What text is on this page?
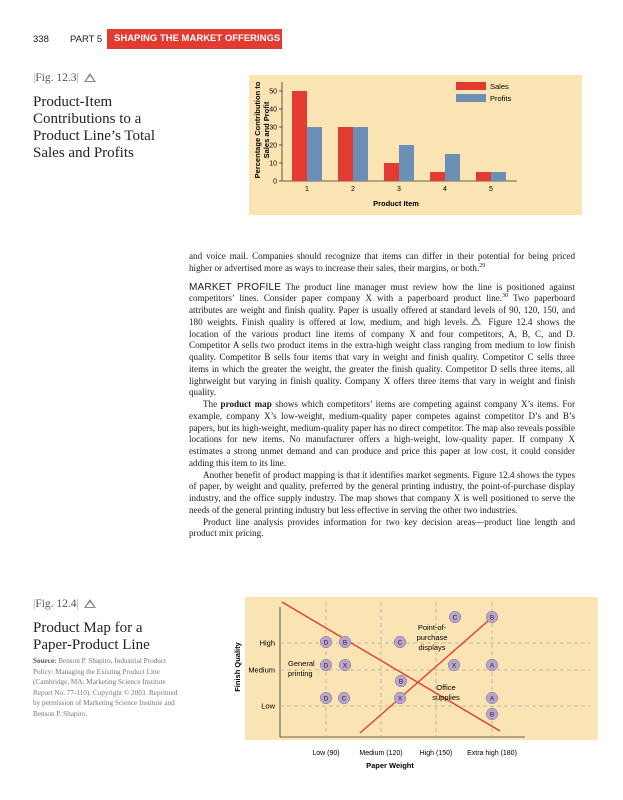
338 PART 5	SHAPING THE MARKET OFFERINGS
|Fig. 12.3|
Product-Item
Contributions to a
Product Line’s Total
Sales and Profits
0
10
20
30
40
50
1	2	3	4	5
Percentage Contribution to Sales and Profit
Product Item
Sales
Profits

and voice mail. Companies should recognize that items can differ in their potential for being priced higher or advertised more as ways to increase their sales, their margins, or both.$^{29}$

MARKET PROFILE The product line manager must review how the line is positioned against competitors’ lines. Consider paper company X with a paperboard product line.$^{30}$ Two paperboard attributes are weight and finish quality. Paper is usually offered at standard levels of 90, 120, 150, and 180 weights. Finish quality is offered at low, medium, and high levels. Figure 12.4 shows the location of the various product line items of company X and four competitors, A, B, C, and D. Competitor A sells two product items in the extra-high weight class ranging from medium to low finish quality. Competitor B sells four items that vary in weight and finish quality. Competitor C sells three items in which the greater the weight, the greater the finish quality. Competitor D sells three items, all lightweight but varying in finish quality. Company X offers three items that vary in weight and finish quality.

The product map shows which competitors’ items are competing against company X’s items. For example, company X’s low-weight, medium-quality paper competes against competitor D’s and B’s papers, but its high-weight, medium-quality paper has no direct competitor. The map also reveals possible locations for new items. No manufacturer offers a high-weight, low-quality paper. If company X estimates a strong unmet demand and can produce and price this paper at low cost, it could consider adding this item to its line.

Another benefit of product mapping is that it identifies market segments. Figure 12.4 shows the types of paper, by weight and quality, preferred by the general printing industry, the point-of-purchase display industry, and the office supply industry. The map shows that company X is well positioned to serve the needs of the general printing industry but less effective in serving the other two industries.

Product line analysis provides information for two key decision areas—product line length and product mix pricing.

|Fig. 12.4|
Product Map for a
Paper-Product Line
Source: Benson P. Shapiro, Industrial Product Policy: Managing the Existing Product Line (Cambridge, MA: Marketing Science Institute Report No. 77-110). Copyright © 2003. Reprinted by permission of Marketing Science Institute and Benson P. Shapiro.
Low
Medium
High
Low (90)	Medium (120) High (150) Extra high (180)
Finish Quality
Paper Weight
General
printing
Point-of-
purchase
displays
Office
supplies
D B	C
C	B
D X	X	A
B
D C	X	A
B
